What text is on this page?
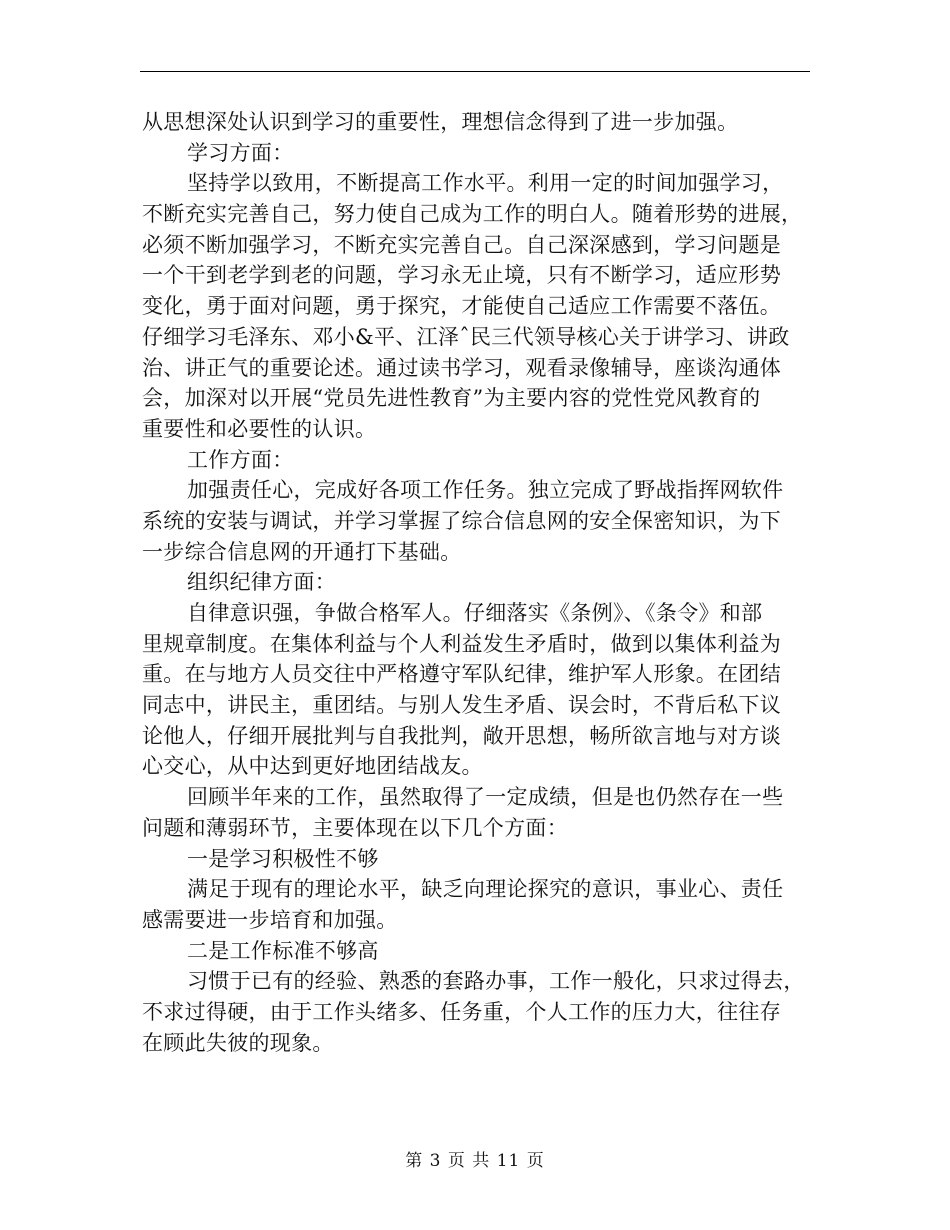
从思想深处认识到学习的重要性，理想信念得到了进一步加强。
学习方面：
坚持学以致用，不断提高工作水平。利用一定的时间加强学习，
不断充实完善自己，努力使自己成为工作的明白人。随着形势的进展，
必须不断加强学习，不断充实完善自己。自己深深感到，学习问题是
一个干到老学到老的问题，学习永无止境，只有不断学习，适应形势
变化，勇于面对问题，勇于探究，才能使自己适应工作需要不落伍。
仔细学习毛泽东、邓小&平、江泽ˆ民三代领导核心关于讲学习、讲政
治、讲正气的重要论述。通过读书学习，观看录像辅导，座谈沟通体
会，加深对以开展“党员先进性教育”为主要内容的党性党风教育的
重要性和必要性的认识。
工作方面：
加强责任心，完成好各项工作任务。独立完成了野战指挥网软件
系统的安装与调试，并学习掌握了综合信息网的安全保密知识，为下
一步综合信息网的开通打下基础。
组织纪律方面：
自律意识强，争做合格军人。仔细落实《条例》、《条令》和部
里规章制度。在集体利益与个人利益发生矛盾时，做到以集体利益为
重。在与地方人员交往中严格遵守军队纪律，维护军人形象。在团结
同志中，讲民主，重团结。与别人发生矛盾、误会时，不背后私下议
论他人，仔细开展批判与自我批判，敞开思想，畅所欲言地与对方谈
心交心，从中达到更好地团结战友。
回顾半年来的工作，虽然取得了一定成绩，但是也仍然存在一些
问题和薄弱环节，主要体现在以下几个方面：
一是学习积极性不够
满足于现有的理论水平，缺乏向理论探究的意识，事业心、责任
感需要进一步培育和加强。
二是工作标准不够高
习惯于已有的经验、熟悉的套路办事，工作一般化，只求过得去，
不求过得硬，由于工作头绪多、任务重，个人工作的压力大，往往存
在顾此失彼的现象。
第 3 页 共 11 页
